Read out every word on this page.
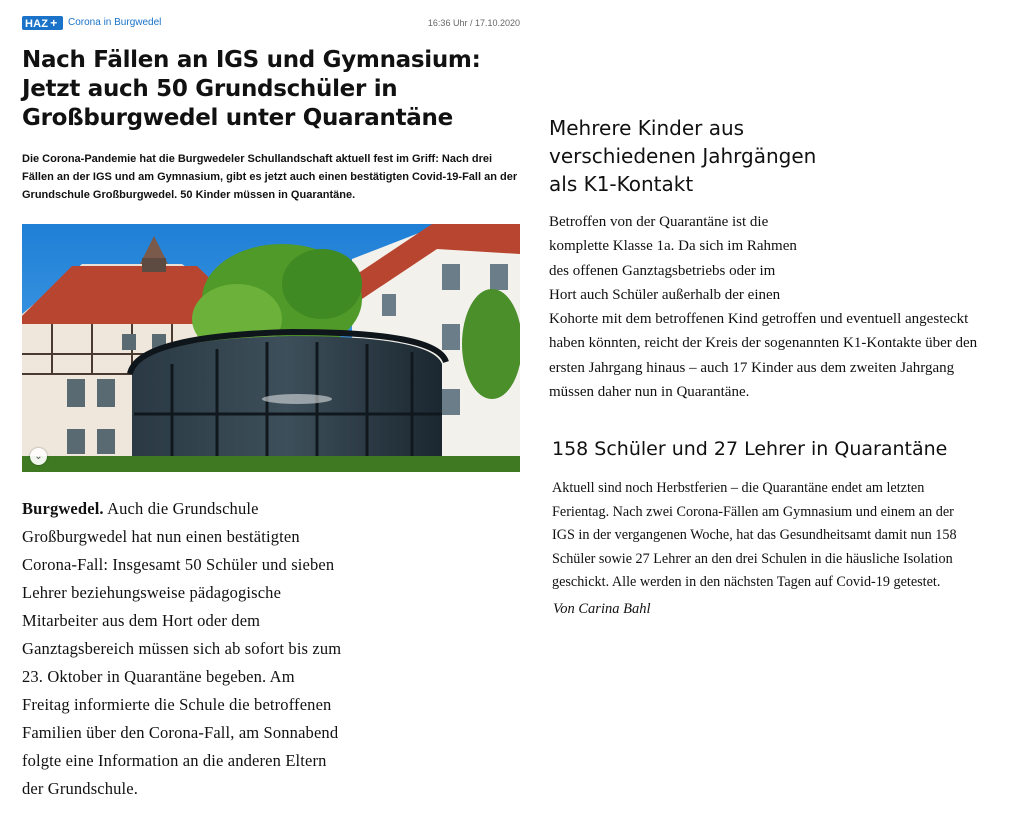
HAZ +	Corona in Burgwedel	16:36 Uhr / 17.10.2020
Nach Fällen an IGS und Gymnasium: Jetzt auch 50 Grundschüler in Großburgwedel unter Quarantäne

Die Corona-Pandemie hat die Burgwedeler Schullandschaft aktuell fest im Griff: Nach drei Fällen an der IGS und am Gymnasium, gibt es jetzt auch einen bestätigten Covid-19-Fall an der Grundschule Großburgwedel. 50 Kinder müssen in Quarantäne.

⌄

Burgwedel. Auch die Grundschule Großburgwedel hat nun einen bestätigten Corona-Fall: Insgesamt 50 Schüler und sieben Lehrer beziehungsweise pädagogische Mitarbeiter aus dem Hort oder dem Ganztagsbereich müssen sich ab sofort bis zum 23. Oktober in Quarantäne begeben. Am Freitag informierte die Schule die betroffenen Familien über den Corona-Fall, am Sonnabend folgte eine Information an die anderen Eltern der Grundschule.

Mehrere Kinder aus verschiedenen Jahrgängen als K1-Kontakt

Betroffen von der Quarantäne ist die
komplette Klasse 1a. Da sich im Rahmen
des offenen Ganztagsbetriebs oder im
Hort auch Schüler außerhalb der einen
Kohorte mit dem betroffenen Kind getroffen und eventuell angesteckt
haben könnten, reicht der Kreis der sogenannten K1-Kontakte über den
ersten Jahrgang hinaus – auch 17 Kinder aus dem zweiten Jahrgang
müssen daher nun in Quarantäne.

158 Schüler und 27 Lehrer in Quarantäne

Aktuell sind noch Herbstferien – die Quarantäne endet am letzten
Ferientag. Nach zwei Corona-Fällen am Gymnasium und einem an der
IGS in der vergangenen Woche, hat das Gesundheitsamt damit nun 158
Schüler sowie 27 Lehrer an den drei Schulen in die häusliche Isolation
geschickt. Alle werden in den nächsten Tagen auf Covid-19 getestet.

Von Carina Bahl
